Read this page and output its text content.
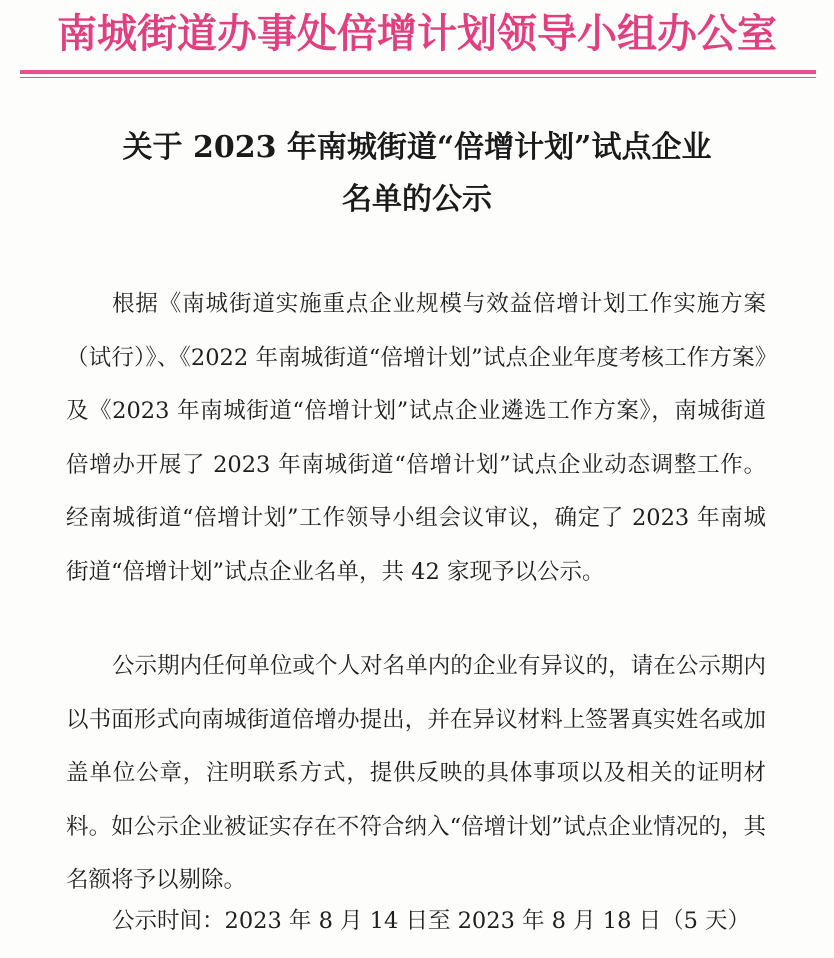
南城街道办事处倍增计划领导小组办公室
关于 2023 年南城街道“倍增计划”试点企业
名单的公示

根据《南城街道实施重点企业规模与效益倍增计划工作实施方案（试行）》、《2022 年南城街道“倍增计划”试点企业年度考核工作方案》及《2023 年南城街道“倍增计划”试点企业遴选工作方案》，南城街道倍增办开展了 2023 年南城街道“倍增计划”试点企业动态调整工作。经南城街道“倍增计划”工作领导小组会议审议，确定了 2023 年南城街道“倍增计划”试点企业名单，共 42 家现予以公示。

公示期内任何单位或个人对名单内的企业有异议的，请在公示期内以书面形式向南城街道倍增办提出，并在异议材料上签署真实姓名或加盖单位公章，注明联系方式，提供反映的具体事项以及相关的证明材料。如公示企业被证实存在不符合纳入“倍增计划”试点企业情况的，其名额将予以剔除。

公示时间：2023 年 8 月 14 日至 2023 年 8 月 18 日（5 天）
